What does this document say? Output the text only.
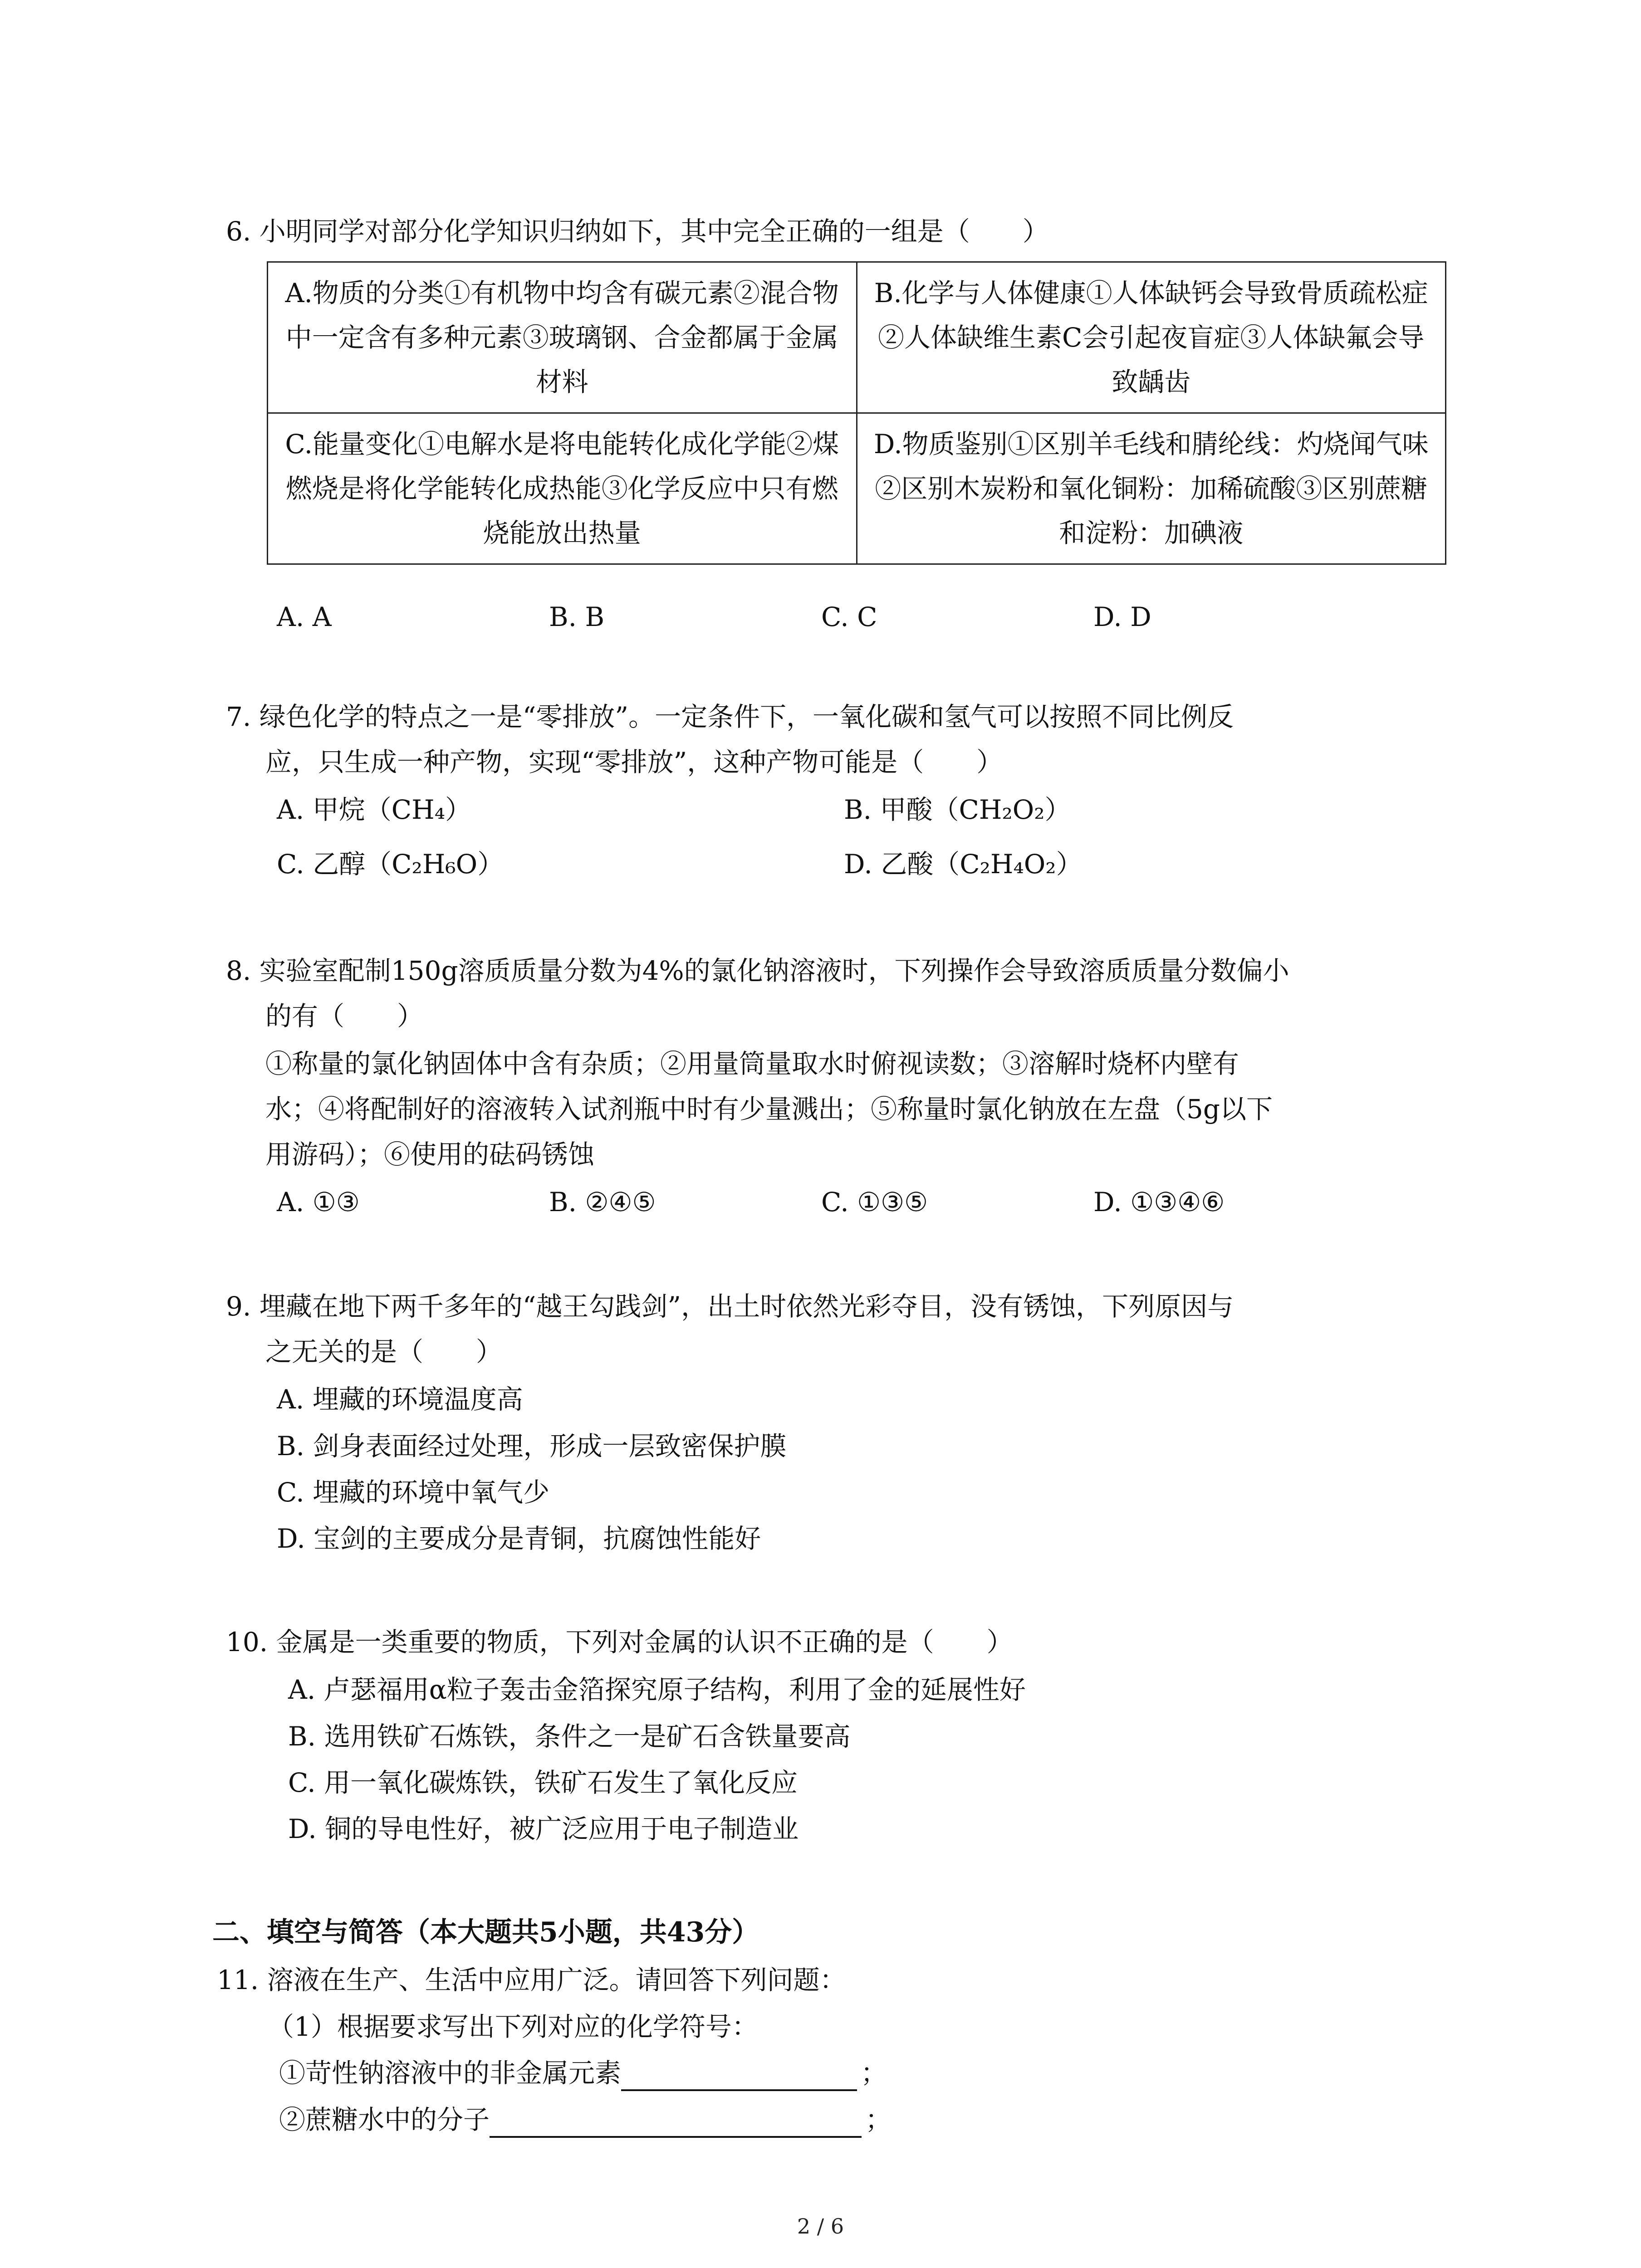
6. 小明同学对部分化学知识归纳如下，其中完全正确的一组是（　　）
A.物质的分类①有机物中均含有碳元素②混合物中一定含有多种元素③玻璃钢、合金都属于金属材料	B.化学与人体健康①人体缺钙会导致骨质疏松症②人体缺维生素C会引起夜盲症③人体缺氟会导致龋齿
C.能量变化①电解水是将电能转化成化学能②煤燃烧是将化学能转化成热能③化学反应中只有燃烧能放出热量	D.物质鉴别①区别羊毛线和腈纶线：灼烧闻气味②区别木炭粉和氧化铜粉：加稀硫酸③区别蔗糖和淀粉：加碘液
A. A	B. B	C. C	D. D
7. 绿色化学的特点之一是“零排放”。一定条件下，一氧化碳和氢气可以按照不同比例反
应，只生成一种产物，实现“零排放”，这种产物可能是（　　）
A. 甲烷（CH₄）	B. 甲酸（CH₂O₂）
C. 乙醇（C₂H₆O）	D. 乙酸（C₂H₄O₂）
8. 实验室配制150g溶质质量分数为4%的氯化钠溶液时，下列操作会导致溶质质量分数偏小
的有（　　）
①称量的氯化钠固体中含有杂质；②用量筒量取水时俯视读数；③溶解时烧杯内壁有
水；④将配制好的溶液转入试剂瓶中时有少量溅出；⑤称量时氯化钠放在左盘（5g以下
用游码）；⑥使用的砝码锈蚀
A. ①③	B. ②④⑤	C. ①③⑤	D. ①③④⑥
9. 埋藏在地下两千多年的“越王勾践剑”，出土时依然光彩夺目，没有锈蚀，下列原因与
之无关的是（　　）
A. 埋藏的环境温度高
B. 剑身表面经过处理，形成一层致密保护膜
C. 埋藏的环境中氧气少
D. 宝剑的主要成分是青铜，抗腐蚀性能好
10. 金属是一类重要的物质，下列对金属的认识不正确的是（　　）
A. 卢瑟福用α粒子轰击金箔探究原子结构，利用了金的延展性好
B. 选用铁矿石炼铁，条件之一是矿石含铁量要高
C. 用一氧化碳炼铁，铁矿石发生了氧化反应
D. 铜的导电性好，被广泛应用于电子制造业
二、填空与简答（本大题共5小题，共43分）
11. 溶液在生产、生活中应用广泛。请回答下列问题：
（1）根据要求写出下列对应的化学符号：
①苛性钠溶液中的非金属元素	；
②蔗糖水中的分子	；
2 / 6
